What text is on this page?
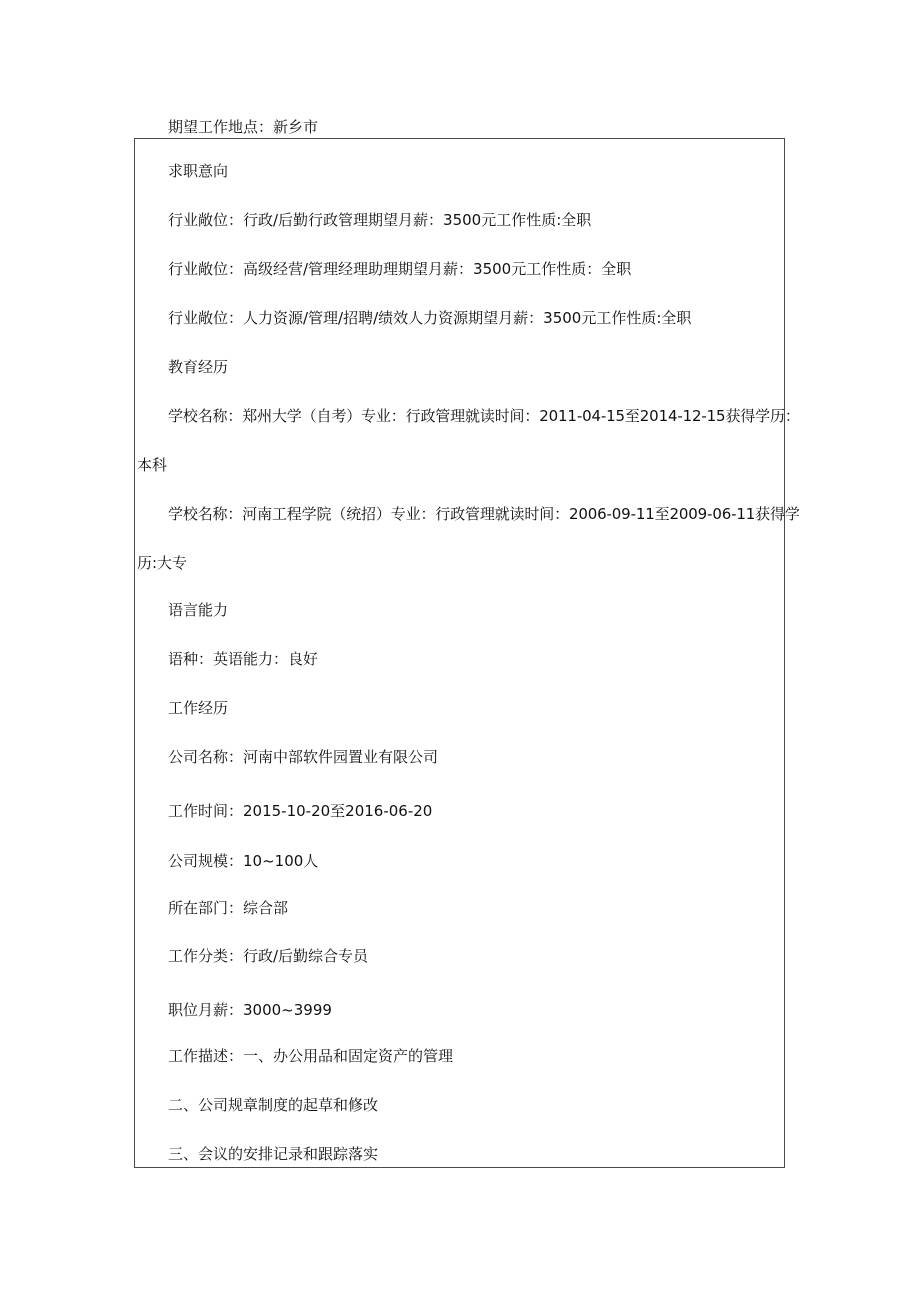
期望工作地点：新乡市
求职意向
行业敞位：行政/后勤行政管理期望月薪：3500元工作性质:全职
行业敞位：高级经营/管理经理助理期望月薪：3500元工作性质：全职
行业敞位：人力资源/管理/招聘/绩效人力资源期望月薪：3500元工作性质:全职
教育经历
学校名称：郑州大学（自考）专业：行政管理就读时间：2011-04-15至2014-12-15获得学历：
本科
学校名称：河南工程学院（统招）专业：行政管理就读时间：2006-09-11至2009-06-11获得学
历:大专
语言能力
语种：英语能力：良好
工作经历
公司名称：河南中部软件园置业有限公司
工作时间：2015-10-20至2016-06-20
公司规模：10~100人
所在部门：综合部
工作分类：行政/后勤综合专员
职位月薪：3000~3999
工作描述：一、办公用品和固定资产的管理
二、公司规章制度的起草和修改
三、会议的安排记录和跟踪落实
